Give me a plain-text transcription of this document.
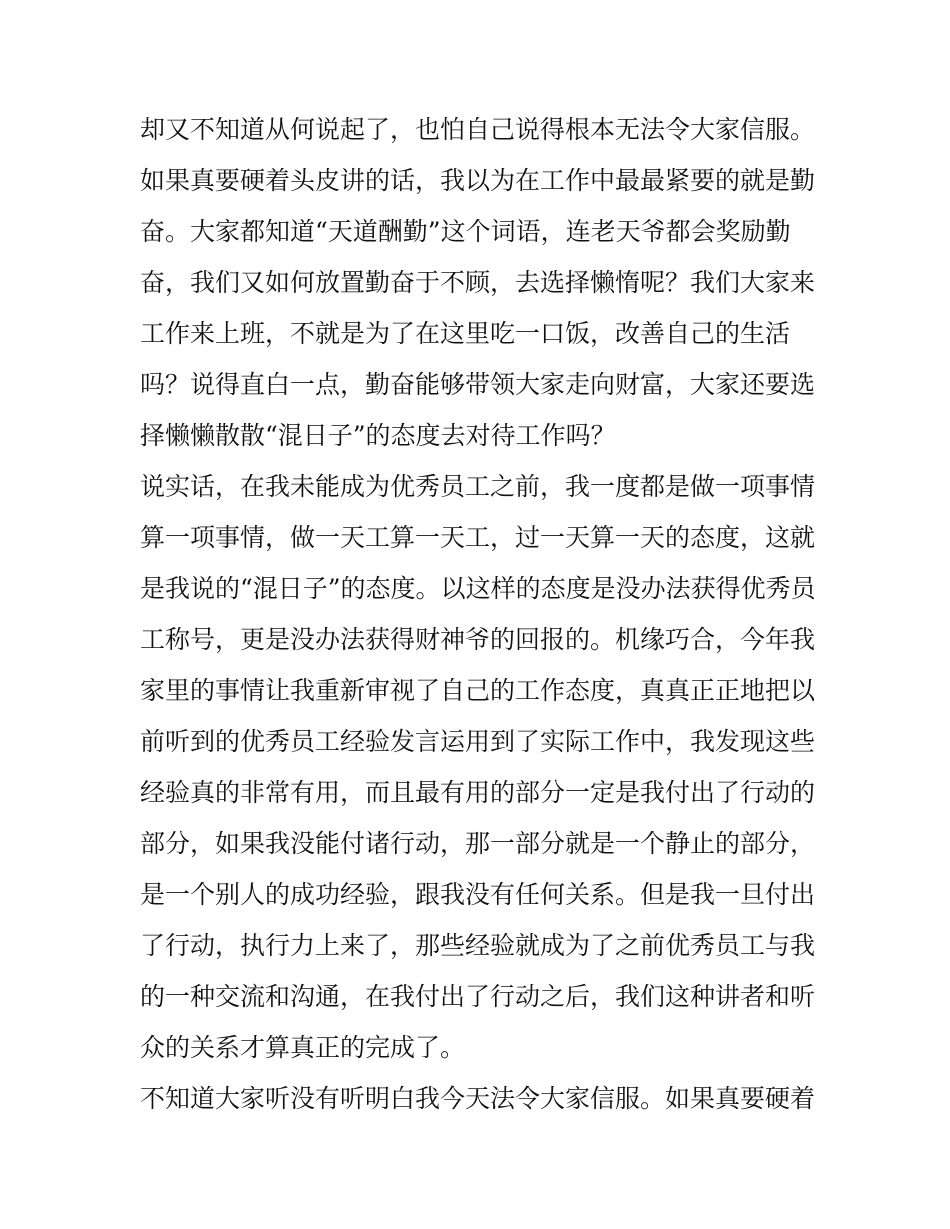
却又不知道从何说起了，也怕自己说得根本无法令大家信服。
如果真要硬着头皮讲的话，我以为在工作中最最紧要的就是勤
奋。大家都知道“天道酬勤”这个词语，连老天爷都会奖励勤
奋，我们又如何放置勤奋于不顾，去选择懒惰呢？我们大家来
工作来上班，不就是为了在这里吃一口饭，改善自己的生活
吗？说得直白一点，勤奋能够带领大家走向财富，大家还要选
择懒懒散散“混日子”的态度去对待工作吗？
说实话，在我未能成为优秀员工之前，我一度都是做一项事情
算一项事情，做一天工算一天工，过一天算一天的态度，这就
是我说的“混日子”的态度。以这样的态度是没办法获得优秀员
工称号，更是没办法获得财神爷的回报的。机缘巧合，今年我
家里的事情让我重新审视了自己的工作态度，真真正正地把以
前听到的优秀员工经验发言运用到了实际工作中，我发现这些
经验真的非常有用，而且最有用的部分一定是我付出了行动的
部分，如果我没能付诸行动，那一部分就是一个静止的部分，
是一个别人的成功经验，跟我没有任何关系。但是我一旦付出
了行动，执行力上来了，那些经验就成为了之前优秀员工与我
的一种交流和沟通，在我付出了行动之后，我们这种讲者和听
众的关系才算真正的完成了。
不知道大家听没有听明白我今天法令大家信服。如果真要硬着
